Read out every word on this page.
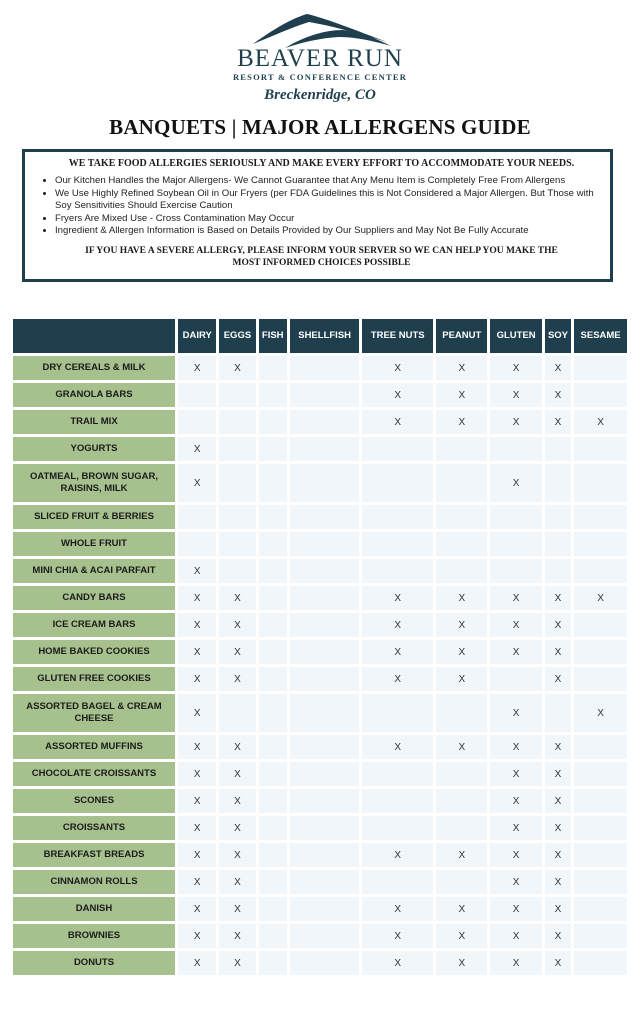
BEAVER RUN
RESORT & CONFERENCE CENTER
Breckenridge, CO
BANQUETS | MAJOR ALLERGENS GUIDE
WE TAKE FOOD ALLERGIES SERIOUSLY AND MAKE EVERY EFFORT TO ACCOMMODATE YOUR NEEDS.
• Our Kitchen Handles the Major Allergens- We Cannot Guarantee that Any Menu Item is Completely Free From Allergens
• We Use Highly Refined Soybean Oil in Our Fryers (per FDA Guidelines this is Not Considered a Major Allergen. But Those with Soy Sensitivities Should Exercise Caution
• Fryers Are Mixed Use - Cross Contamination May Occur
• Ingredient & Allergen Information is Based on Details Provided by Our Suppliers and May Not Be Fully Accurate
IF YOU HAVE A SEVERE ALLERGY, PLEASE INFORM YOUR SERVER SO WE CAN HELP YOU MAKE THE MOST INFORMED CHOICES POSSIBLE
	DAIRY	EGGS	FISH	SHELLFISH	TREE NUTS	PEANUT	GLUTEN	SOY	SESAME
DRY CEREALS & MILK	X	X			X	X	X	X	
GRANOLA BARS					X	X	X	X	
TRAIL MIX					X	X	X	X	X
YOGURTS	X								
OATMEAL, BROWN SUGAR, RAISINS, MILK	X						X		
SLICED FRUIT & BERRIES									
WHOLE FRUIT									
MINI CHIA & ACAI PARFAIT	X								
CANDY BARS	X	X			X	X	X	X	X
ICE CREAM BARS	X	X			X	X	X	X	
HOME BAKED COOKIES	X	X			X	X	X	X	
GLUTEN FREE COOKIES	X	X			X	X		X	
ASSORTED BAGEL & CREAM CHEESE	X						X		X
ASSORTED MUFFINS	X	X			X	X	X	X	
CHOCOLATE CROISSANTS	X	X					X	X	
SCONES	X	X					X	X	
CROISSANTS	X	X					X	X	
BREAKFAST BREADS	X	X			X	X	X	X	
CINNAMON ROLLS	X	X					X	X	
DANISH	X	X			X	X	X	X	
BROWNIES	X	X			X	X	X	X	
DONUTS	X	X			X	X	X	X	
